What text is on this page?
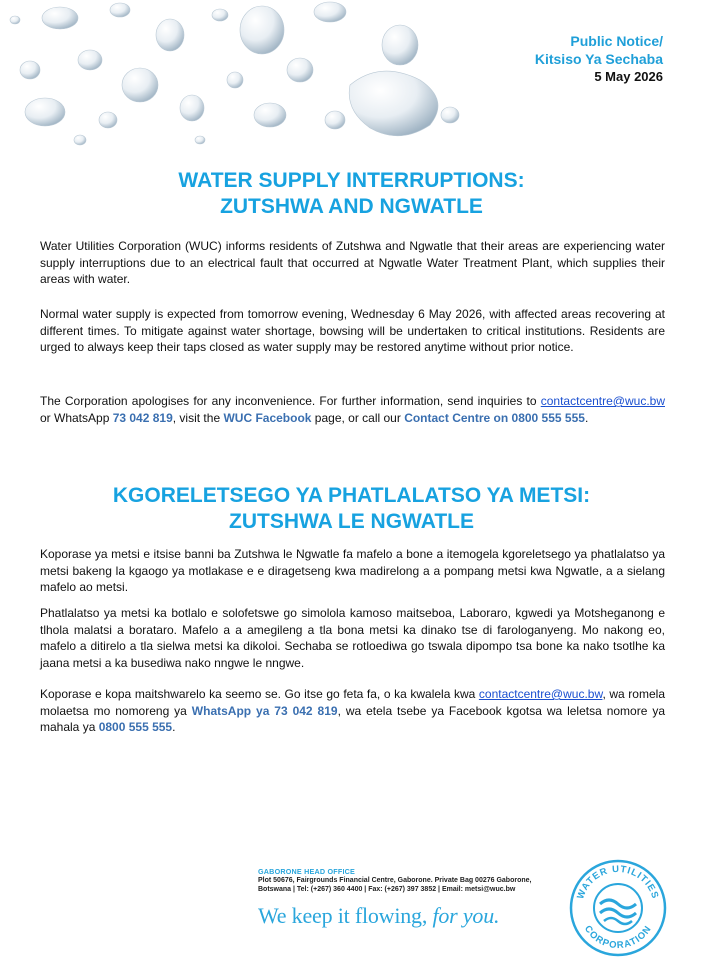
Public Notice/
Kitsiso Ya Sechaba
5 May 2026
WATER SUPPLY INTERRUPTIONS:
ZUTSHWA AND NGWATLE

Water Utilities Corporation (WUC) informs residents of Zutshwa and Ngwatle that their areas are experiencing water supply interruptions due to an electrical fault that occurred at Ngwatle Water Treatment Plant, which supplies their areas with water.

Normal water supply is expected from tomorrow evening, Wednesday 6 May 2026, with affected areas recovering at different times. To mitigate against water shortage, bowsing will be undertaken to critical institutions. Residents are urged to always keep their taps closed as water supply may be restored anytime without prior notice.

The Corporation apologises for any inconvenience. For further information, send inquiries to contactcentre@wuc.bw or WhatsApp 73 042 819, visit the WUC Facebook page, or call our Contact Centre on 0800 555 555.

KGORELETSEGO YA PHATLALATSO YA METSI:
ZUTSHWA LE NGWATLE

Koporase ya metsi e itsise banni ba Zutshwa le Ngwatle fa mafelo a bone a itemogela kgoreletsego ya phatlalatso ya metsi bakeng la kgaogo ya motlakase e e diragetseng kwa madirelong a a pompang metsi kwa Ngwatle, a a sielang mafelo ao metsi.

Phatlalatso ya metsi ka botlalo e solofetswe go simolola kamoso maitseboa, Laboraro, kgwedi ya Motsheganong e tlhola malatsi a borataro. Mafelo a a amegileng a tla bona metsi ka dinako tse di farologanyeng. Mo nakong eo, mafelo a ditirelo a tla sielwa metsi ka dikoloi. Sechaba se rotloediwa go tswala dipompo tsa bone ka nako tsotlhe ka jaana metsi a ka busediwa nako nngwe le nngwe.

Koporase e kopa maitshwarelo ka seemo se. Go itse go feta fa, o ka kwalela kwa contactcentre@wuc.bw, wa romela molaetsa mo nomoreng ya WhatsApp ya 73 042 819, wa etela tsebe ya Facebook kgotsa wa leletsa nomore ya mahala ya 0800 555 555.

GABORONE HEAD OFFICE
Plot 50676, Fairgrounds Financial Centre, Gaborone. Private Bag 00276 Gaborone,
Botswana | Tel: (+267) 360 4400 | Fax: (+267) 397 3852 | Email: metsi@wuc.bw
We keep it flowing, for you.
WATER UTILITIES
CORPORATION
